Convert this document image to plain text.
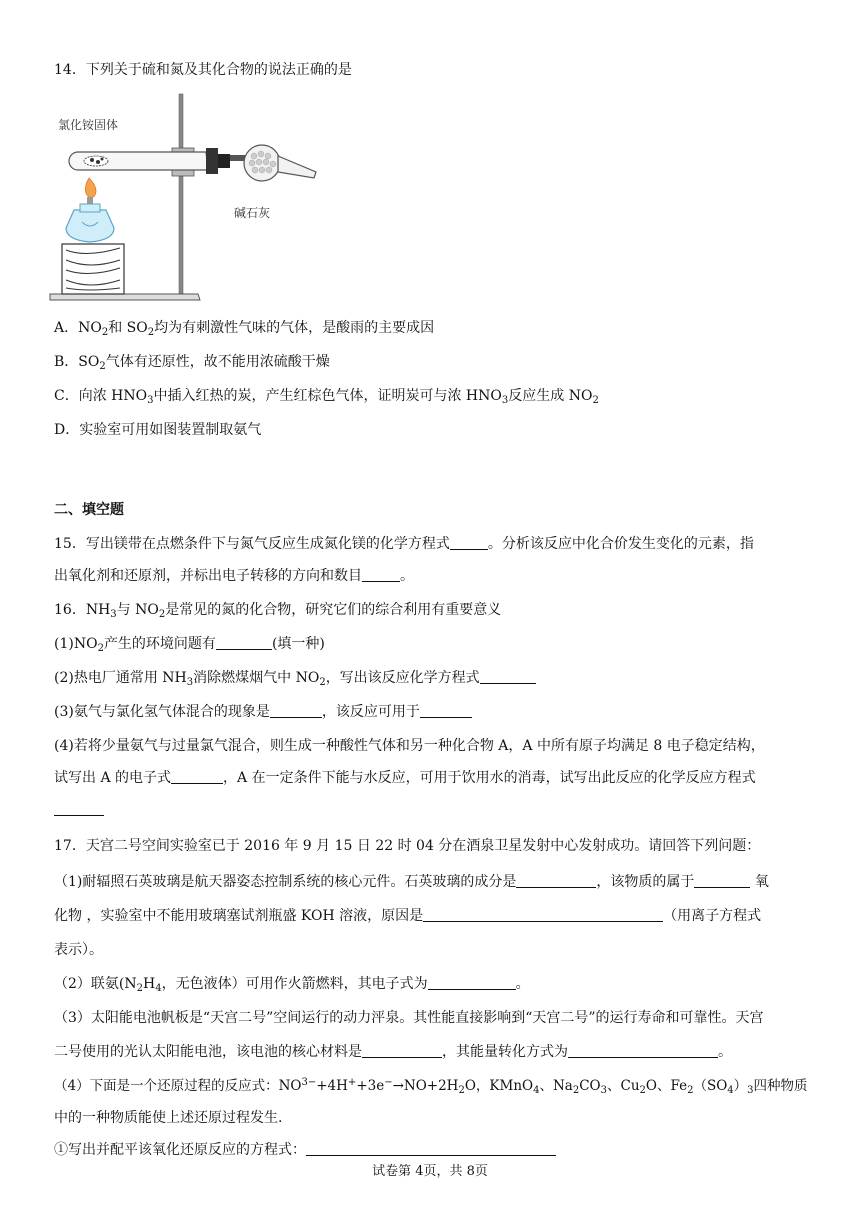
14．下列关于硫和氮及其化合物的说法正确的是
氯化铵固体
碱石灰
A．$NO_2$和 $SO_2$均为有刺激性气味的气体，是酸雨的主要成因
B．$SO_2$气体有还原性，故不能用浓硫酸干燥
C．向浓 $HNO_3$中插入红热的炭，产生红棕色气体，证明炭可与浓 $HNO_3$反应生成 $NO_2$
D．实验室可用如图装置制取氨气
二、填空题
15．写出镁带在点燃条件下与氮气反应生成氮化镁的化学方程式	。分析该反应中化合价发生变化的元素，指
出氧化剂和还原剂，并标出电子转移的方向和数目	。
16．$NH_3$与 $NO_2$是常见的氮的化合物，研究它们的综合利用有重要意义
$(1)NO_2$产生的环境问题有	(填一种)
(2)热电厂通常用 $NH_3$消除燃煤烟气中 $NO_2$，写出该反应化学方程式
(3)氨气与氯化氢气体混合的现象是	，该反应可用于
(4)若将少量氨气与过量氯气混合，则生成一种酸性气体和另一种化合物 A，A 中所有原子均满足 8 电子稳定结构，
试写出 A 的电子式	，A 在一定条件下能与水反应，可用于饮用水的消毒，试写出此反应的化学反应方程式
17．天宫二号空间实验室已于 2016 年 9 月 15 日 22 时 04 分在酒泉卫星发射中心发射成功。请回答下列问题：
（1)耐辐照石英玻璃是航天器姿态控制系统的核心元件。石英玻璃的成分是	，该物质的属于	氧
化物 ，实验室中不能用玻璃塞试剂瓶盛 KOH 溶液，原因是	（用离子方程式
表示）。
（2）联氨($N_2H_4$，无色液体）可用作火箭燃料，其电子式为	。
（3）太阳能电池帆板是“天宫二号”空间运行的动力泙泉。其性能直接影响到“天宫二号”的运行寿命和可靠性。天宫
二号使用的光认太阳能电池，该电池的核心材料是	，其能量转化方式为	。
（4）下面是一个还原过程的反应式：$NO^{3-}+4H^++3e^-\to NO+2H_2O$，KMnO$_4$、$Na_2CO_3$、$Cu_2O$、$Fe_2(SO_4)_3$四种物质
中的一种物质能使上述还原过程发生.
①写出并配平该氧化还原反应的方程式：
试卷第 4页，共 8页
